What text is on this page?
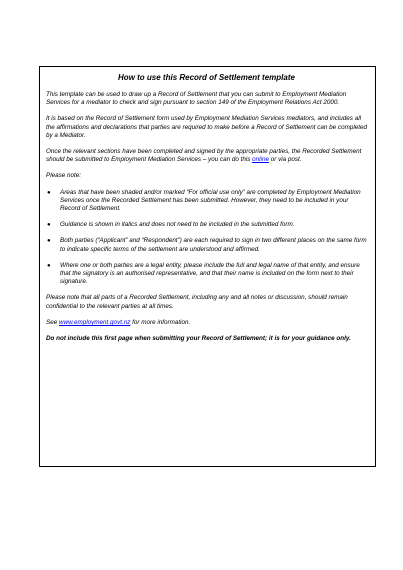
How to use this Record of Settlement template

This template can be used to draw up a Record of Settlement that you can submit to Employment Mediation Services for a mediator to check and sign pursuant to section 149 of the Employment Relations Act 2000.

It is based on the Record of Settlement form used by Employment Mediation Services mediators, and includes all the affirmations and declarations that parties are required to make before a Record of Settlement can be completed by a Mediator.

Once the relevant sections have been completed and signed by the appropriate parties, the Recorded Settlement should be submitted to Employment Mediation Services – you can do this online or via post.

Please note:

● Areas that have been shaded and/or marked “For official use only” are completed by Employment Mediation Services once the Recorded Settlement has been submitted. However, they need to be included in your Record of Settlement.
● Guidance is shown in italics and does not need to be included in the submitted form.
● Both parties (“Applicant” and “Respondent”) are each required to sign in two different places on the same form to indicate specific terms of the settlement are understood and affirmed.
● Where one or both parties are a legal entity, please include the full and legal name of that entity, and ensure that the signatory is an authorised representative, and that their name is included on the form next to their signature.

Please note that all parts of a Recorded Settlement, including any and all notes or discussion, should remain confidential to the relevant parties at all times.

See www.employment.govt.nz for more information.

Do not include this first page when submitting your Record of Settlement; it is for your guidance only.
